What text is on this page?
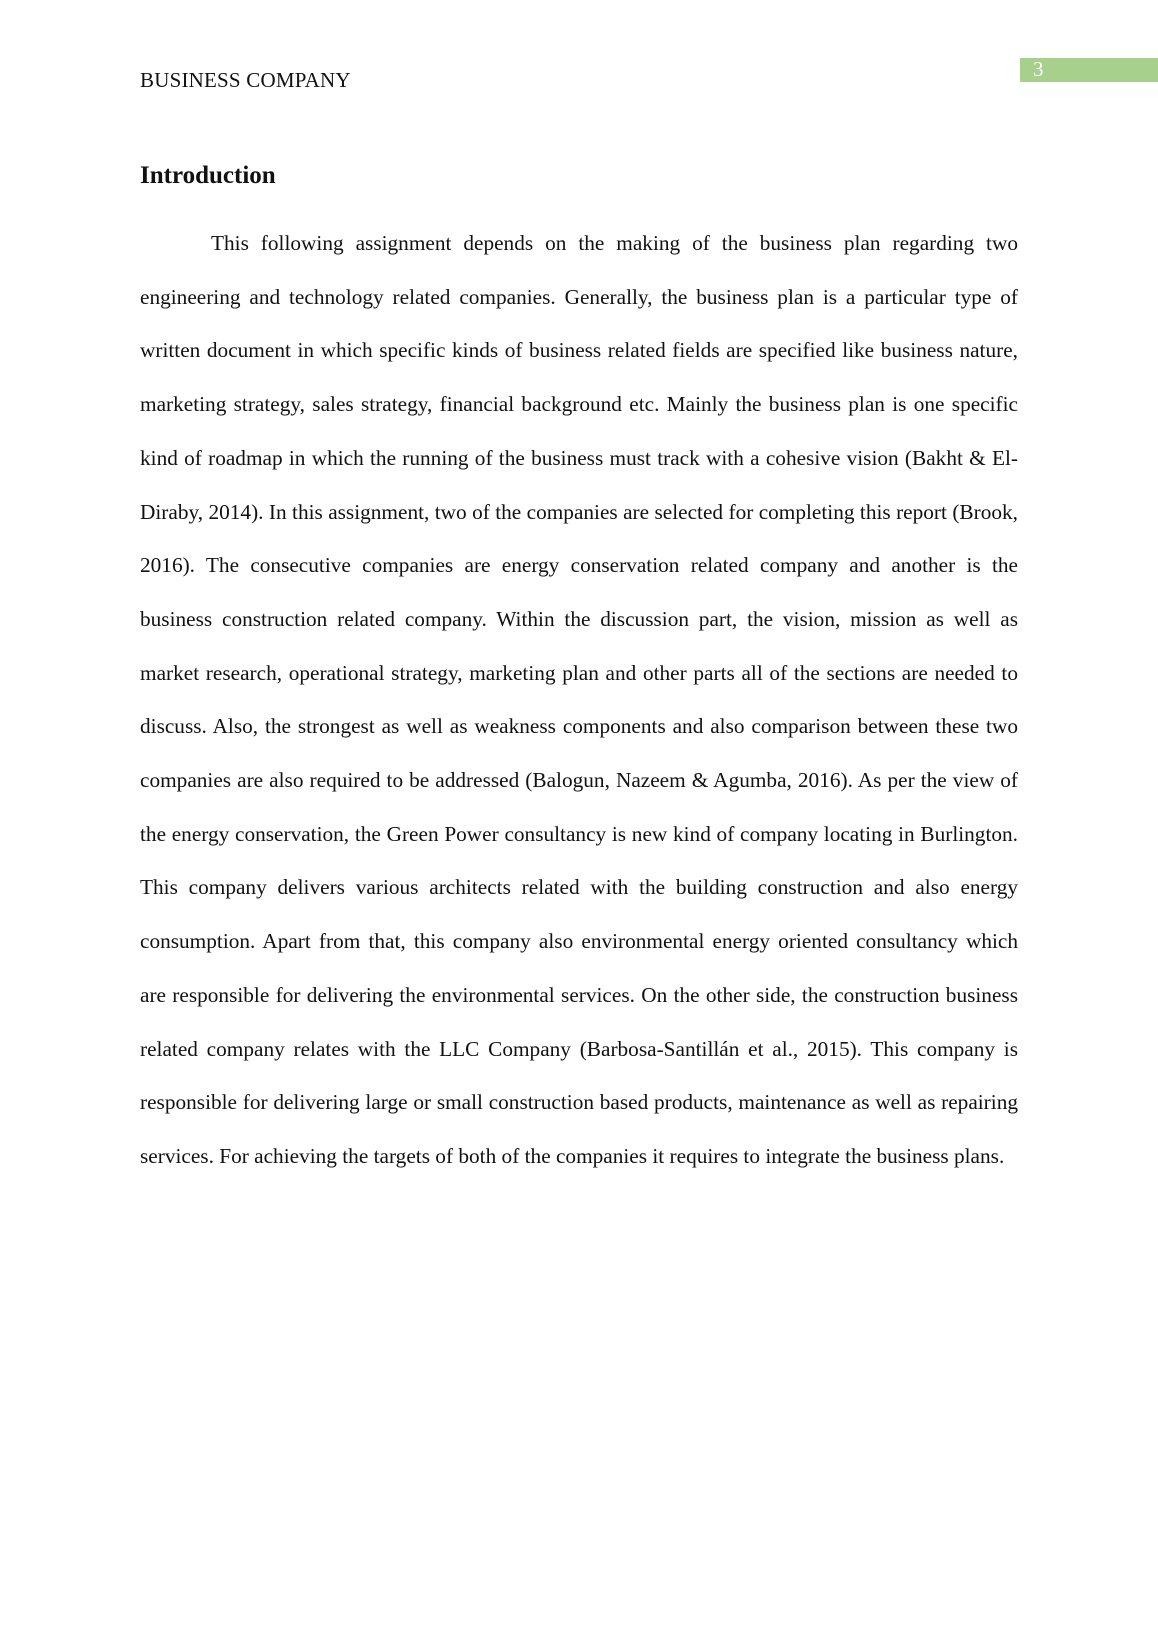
BUSINESS COMPANY	3
Introduction

This following assignment depends on the making of the business plan regarding two engineering and technology related companies. Generally, the business plan is a particular type of written document in which specific kinds of business related fields are specified like business nature, marketing strategy, sales strategy, financial background etc. Mainly the business plan is one specific kind of roadmap in which the running of the business must track with a cohesive vision (Bakht & El-Diraby, 2014). In this assignment, two of the companies are selected for completing this report (Brook, 2016). The consecutive companies are energy conservation related company and another is the business construction related company. Within the discussion part, the vision, mission as well as market research, operational strategy, marketing plan and other parts all of the sections are needed to discuss. Also, the strongest as well as weakness components and also comparison between these two companies are also required to be addressed (Balogun, Nazeem & Agumba, 2016). As per the view of the energy conservation, the Green Power consultancy is new kind of company locating in Burlington. This company delivers various architects related with the building construction and also energy consumption. Apart from that, this company also environmental energy oriented consultancy which are responsible for delivering the environmental services. On the other side, the construction business related company relates with the LLC Company (Barbosa-Santillán et al., 2015). This company is responsible for delivering large or small construction based products, maintenance as well as repairing services. For achieving the targets of both of the companies it requires to integrate the business plans.
